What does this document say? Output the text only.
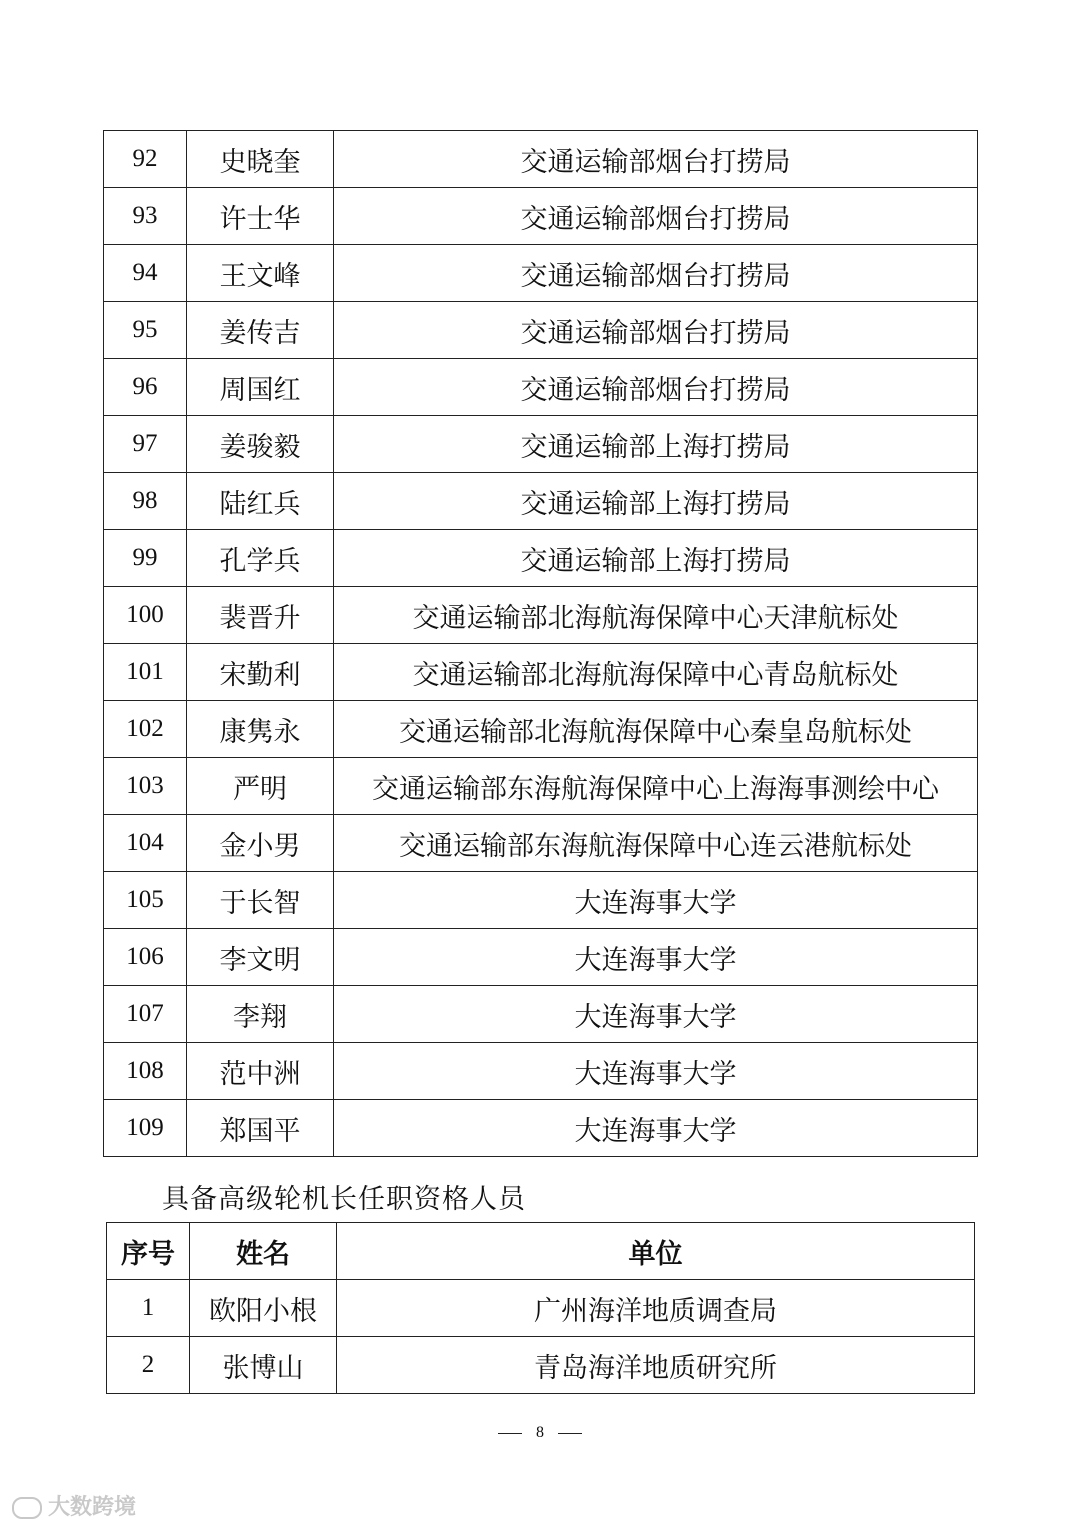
92	史晓奎	交通运输部烟台打捞局
93	许士华	交通运输部烟台打捞局
94	王文峰	交通运输部烟台打捞局
95	姜传吉	交通运输部烟台打捞局
96	周国红	交通运输部烟台打捞局
97	姜骏毅	交通运输部上海打捞局
98	陆红兵	交通运输部上海打捞局
99	孔学兵	交通运输部上海打捞局
100	裴晋升	交通运输部北海航海保障中心天津航标处
101	宋勤利	交通运输部北海航海保障中心青岛航标处
102	康隽永	交通运输部北海航海保障中心秦皇岛航标处
103	严明	交通运输部东海航海保障中心上海海事测绘中心
104	金小男	交通运输部东海航海保障中心连云港航标处
105	于长智	大连海事大学
106	李文明	大连海事大学
107	李翔	大连海事大学
108	范中洲	大连海事大学
109	郑国平	大连海事大学
具备高级轮机长任职资格人员
序号	姓名	单位
1	欧阳小根	广州海洋地质调查局
2	张博山	青岛海洋地质研究所
8
大数跨境
